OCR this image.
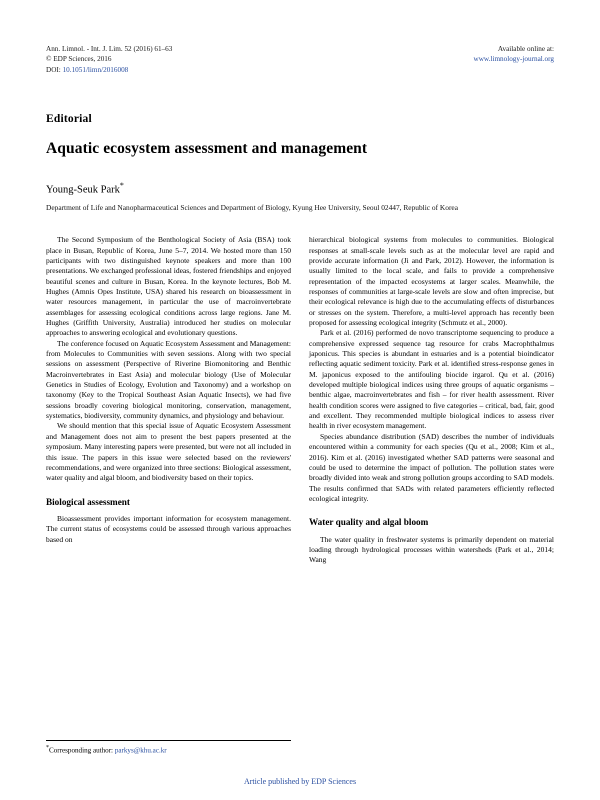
Ann. Limnol. - Int. J. Lim. 52 (2016) 61–63
© EDP Sciences, 2016
DOI: 10.1051/limn/2016008
Available online at:
www.limnology-journal.org
Editorial
Aquatic ecosystem assessment and management
Young-Seuk Park*
Department of Life and Nanopharmaceutical Sciences and Department of Biology, Kyung Hee University, Seoul 02447, Republic of Korea

The Second Symposium of the Benthological Society of Asia (BSA) took place in Busan, Republic of Korea, June 5–7, 2014. We hosted more than 150 participants with two distinguished keynote speakers and more than 100 presentations. We exchanged professional ideas, fostered friendships and enjoyed beautiful scenes and culture in Busan, Korea. In the keynote lectures, Bob M. Hughes (Amnis Opes Institute, USA) shared his research on bioassessment in water resources management, in particular the use of macroinvertebrate assemblages for assessing ecological conditions across large regions. Jane M. Hughes (Griffith University, Australia) introduced her studies on molecular approaches to answering ecological and evolutionary questions.

The conference focused on Aquatic Ecosystem Assessment and Management: from Molecules to Communities with seven sessions. Along with two special sessions on assessment (Perspective of Riverine Biomonitoring and Benthic Macroinvertebrates in East Asia) and molecular biology (Use of Molecular Genetics in Studies of Ecology, Evolution and Taxonomy) and a workshop on taxonomy (Key to the Tropical Southeast Asian Aquatic Insects), we had five sessions broadly covering biological monitoring, conservation, management, systematics, biodiversity, community dynamics, and physiology and behaviour.

We should mention that this special issue of Aquatic Ecosystem Assessment and Management does not aim to present the best papers presented at the symposium. Many interesting papers were presented, but were not all included in this issue. The papers in this issue were selected based on the reviewers' recommendations, and were organized into three sections: Biological assessment, water quality and algal bloom, and biodiversity based on their topics.

Biological assessment

Bioassessment provides important information for ecosystem management. The current status of ecosystems could be assessed through various approaches based on

hierarchical biological systems from molecules to communities. Biological responses at small-scale levels such as at the molecular level are rapid and provide accurate information (Ji and Park, 2012). However, the information is usually limited to the local scale, and fails to provide a comprehensive representation of the impacted ecosystems at larger scales. Meanwhile, the responses of communities at large-scale levels are slow and often imprecise, but their ecological relevance is high due to the accumulating effects of disturbances or stresses on the system. Therefore, a multi-level approach has recently been proposed for assessing ecological integrity (Schmutz et al., 2000).

Park et al. (2016) performed de novo transcriptome sequencing to produce a comprehensive expressed sequence tag resource for crabs Macrophthalmus japonicus. This species is abundant in estuaries and is a potential bioindicator reflecting aquatic sediment toxicity. Park et al. identified stress-response genes in M. japonicus exposed to the antifouling biocide irgarol. Qu et al. (2016) developed multiple biological indices using three groups of aquatic organisms – benthic algae, macroinvertebrates and fish – for river health assessment. River health condition scores were assigned to five categories – critical, bad, fair, good and excellent. They recommended multiple biological indices to assess river health in river ecosystem management.

Species abundance distribution (SAD) describes the number of individuals encountered within a community for each species (Qu et al., 2008; Kim et al., 2016). Kim et al. (2016) investigated whether SAD patterns were seasonal and could be used to determine the impact of pollution. The pollution states were broadly divided into weak and strong pollution groups according to SAD models. The results confirmed that SADs with related parameters efficiently reflected ecological integrity.

Water quality and algal bloom

The water quality in freshwater systems is primarily dependent on material loading through hydrological processes within watersheds (Park et al., 2014; Wang

*Corresponding author: parkys@khu.ac.kr
Article published by EDP Sciences
